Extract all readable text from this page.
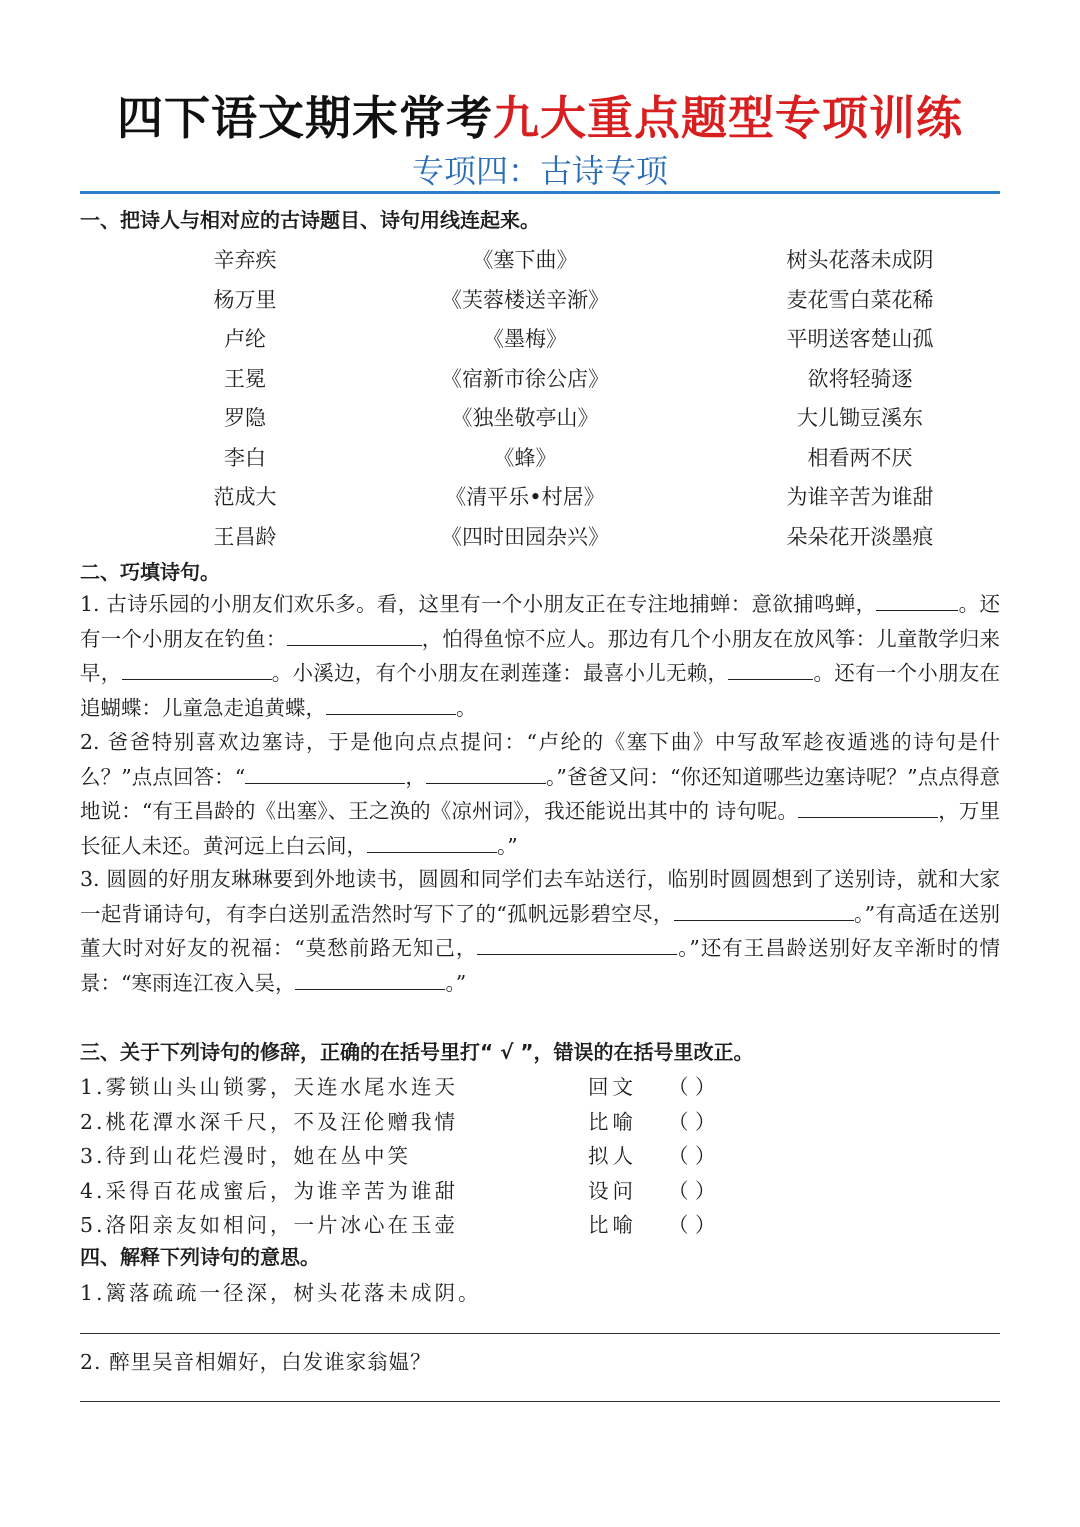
四下语文期末常考九大重点题型专项训练
专项四：古诗专项
一、把诗人与相对应的古诗题目、诗句用线连起来。
辛弃疾	《塞下曲》	树头花落未成阴
杨万里	《芙蓉楼送辛渐》	麦花雪白菜花稀
卢纶	《墨梅》	平明送客楚山孤
王冕	《宿新市徐公店》	欲将轻骑逐
罗隐	《独坐敬亭山》	大儿锄豆溪东
李白	《蜂》	相看两不厌
范成大	《清平乐•村居》	为谁辛苦为谁甜
王昌龄	《四时田园杂兴》	朵朵花开淡墨痕
二、巧填诗句。
1. 古诗乐园的小朋友们欢乐多。看，这里有一个小朋友正在专注地捕蝉：意欲捕鸣蝉，	。还有一个小朋友在钓鱼：	，怕得鱼惊不应人。那边有几个小朋友在放风筝：儿童散学归来早，	。小溪边，有个小朋友在剥莲蓬：最喜小儿无赖，	。还有一个小朋友在追蝴蝶：儿童急走追黄蝶，	。
2. 爸爸特别喜欢边塞诗，于是他向点点提问：“卢纶的《塞下曲》中写敌军趁夜遁逃的诗句是什么？”点点回答：“	，	。”爸爸又问：“你还知道哪些边塞诗呢？”点点得意地说：“有王昌龄的《出塞》、王之涣的《凉州词》，我还能说出其中的 诗句呢。	，万里长征人未还。黄河远上白云间，	。”
3. 圆圆的好朋友琳琳要到外地读书，圆圆和同学们去车站送行，临别时圆圆想到了送别诗，就和大家一起背诵诗句，有李白送别孟浩然时写下了的“孤帆远影碧空尽，	。”有高适在送别董大时对好友的祝福：“莫愁前路无知己，	。”还有王昌龄送别好友辛渐时的情景：“寒雨连江夜入吴，	。”
三、关于下列诗句的修辞，正确的在括号里打“ √ ”，错误的在括号里改正。
1.雾锁山头山锁雾，天连水尾水连天	回文 （ ）
2.桃花潭水深千尺，不及汪伦赠我情	比喻 （ ）
3.待到山花烂漫时，她在丛中笑	拟人 （ ）
4.采得百花成蜜后，为谁辛苦为谁甜	设问 （ ）
5.洛阳亲友如相问，一片冰心在玉壶	比喻 （ ）
四、解释下列诗句的意思。
1.篱落疏疏一径深，树头花落未成阴。
2. 醉里吴音相媚好，白发谁家翁媪？
